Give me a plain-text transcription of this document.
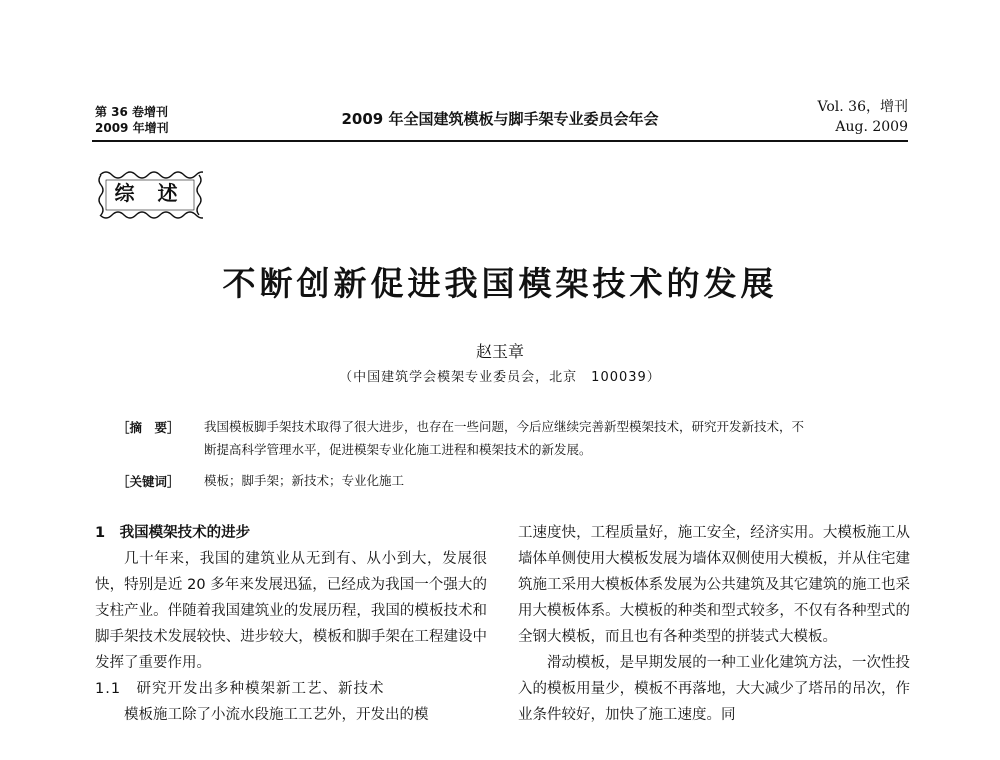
第 36 卷增刊
2009 年增刊	2009 年全国建筑模板与脚手架专业委员会年会
Vol. 36，增刊
Aug. 2009
综 述
不断创新促进我国模架技术的发展
赵玉章
（中国建筑学会模架专业委员会，北京　100039）
［摘　要］ 我国模板脚手架技术取得了很大进步，也存在一些问题，今后应继续完善新型模架技术，研究开发新技术，不
断提高科学管理水平，促进模架专业化施工进程和模架技术的新发展。
［关键词］ 模板；脚手架；新技术；专业化施工

1　我国模架技术的进步

几十年来，我国的建筑业从无到有、从小到大，发展很快，特别是近 20 多年来发展迅猛，已经成为我国一个强大的支柱产业。伴随着我国建筑业的发展历程，我国的模板技术和脚手架技术发展较快、进步较大，模板和脚手架在工程建设中发挥了重要作用。

1.1　研究开发出多种模架新工艺、新技术

模板施工除了小流水段施工工艺外，开发出的模

工速度快，工程质量好，施工安全，经济实用。大模板施工从墙体单侧使用大模板发展为墙体双侧使用大模板，并从住宅建筑施工采用大模板体系发展为公共建筑及其它建筑的施工也采用大模板体系。大模板的种类和型式较多，不仅有各种型式的全钢大模板，而且也有各种类型的拼装式大模板。

滑动模板，是早期发展的一种工业化建筑方法，一次性投入的模板用量少，模板不再落地，大大减少了塔吊的吊次，作业条件较好，加快了施工速度。同
